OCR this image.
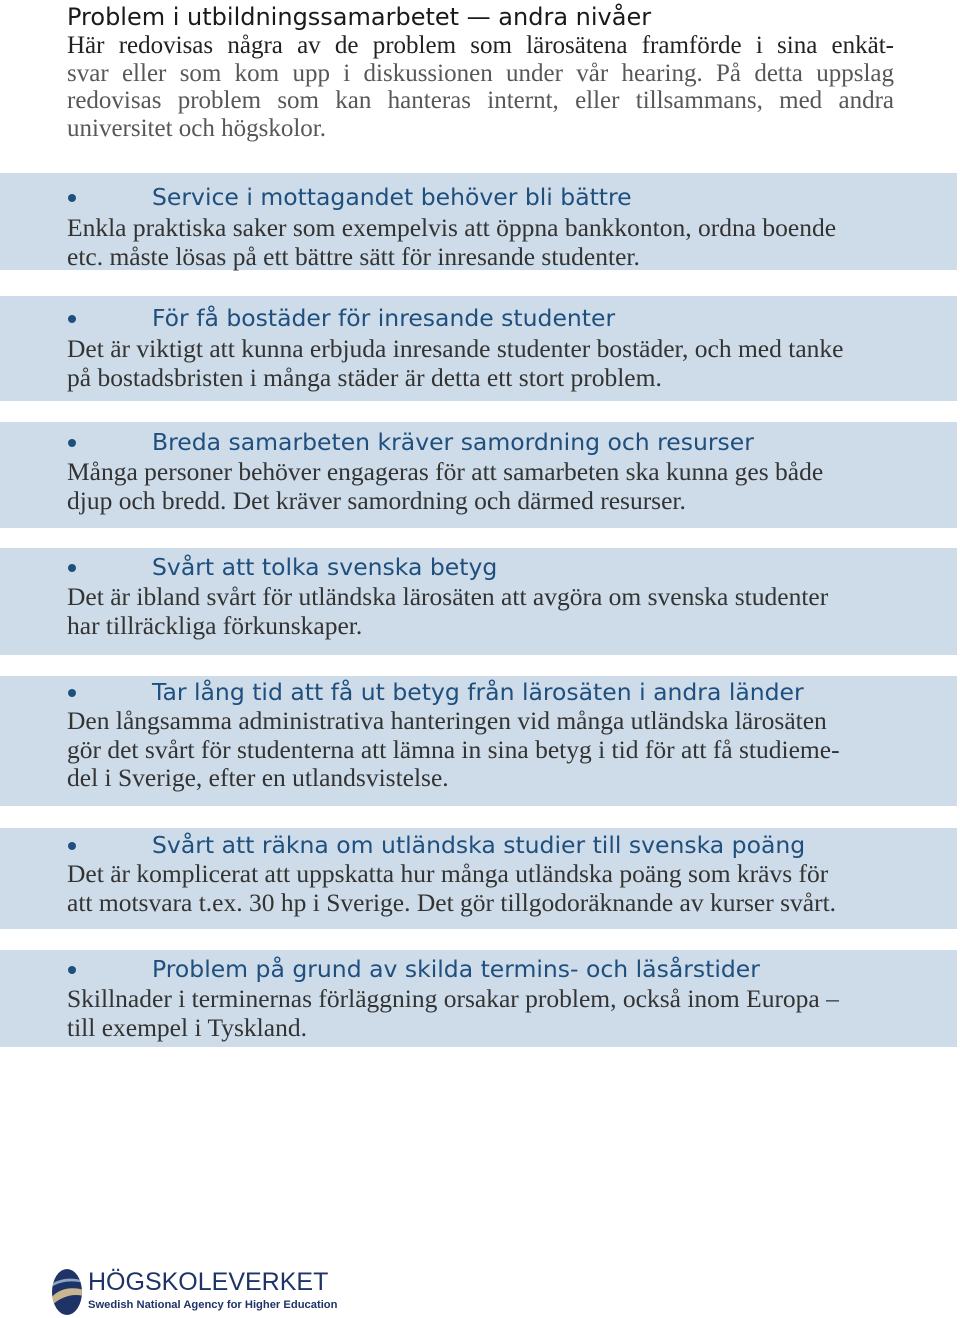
Problem i utbildningssamarbetet — andra nivåer
Här redovisas några av de problem som lärosätena framförde i sina enkät-
svar eller som kom upp i diskussionen under vår hearing. På detta uppslag
redovisas problem som kan hanteras internt, eller tillsammans, med andra
universitet och högskolor.
Service i mottagandet behöver bli bättre
Enkla praktiska saker som exempelvis att öppna bankkonton, ordna boende
etc. måste lösas på ett bättre sätt för inresande studenter.
För få bostäder för inresande studenter
Det är viktigt att kunna erbjuda inresande studenter bostäder, och med tanke
på bostadsbristen i många städer är detta ett stort problem.
Breda samarbeten kräver samordning och resurser
Många personer behöver engageras för att samarbeten ska kunna ges både
djup och bredd. Det kräver samordning och därmed resurser.
Svårt att tolka svenska betyg
Det är ibland svårt för utländska lärosäten att avgöra om svenska studenter
har tillräckliga förkunskaper.
Tar lång tid att få ut betyg från lärosäten i andra länder
Den långsamma administrativa hanteringen vid många utländska lärosäten
gör det svårt för studenterna att lämna in sina betyg i tid för att få studieme-
del i Sverige, efter en utlandsvistelse.
Svårt att räkna om utländska studier till svenska poäng
Det är komplicerat att uppskatta hur många utländska poäng som krävs för
att motsvara t.ex. 30 hp i Sverige. Det gör tillgodoräknande av kurser svårt.
Problem på grund av skilda termins- och läsårstider
Skillnader i terminernas förläggning orsakar problem, också inom Europa –
till exempel i Tyskland.
HÖGSKOLEVERKET
Swedish National Agency for Higher Education
